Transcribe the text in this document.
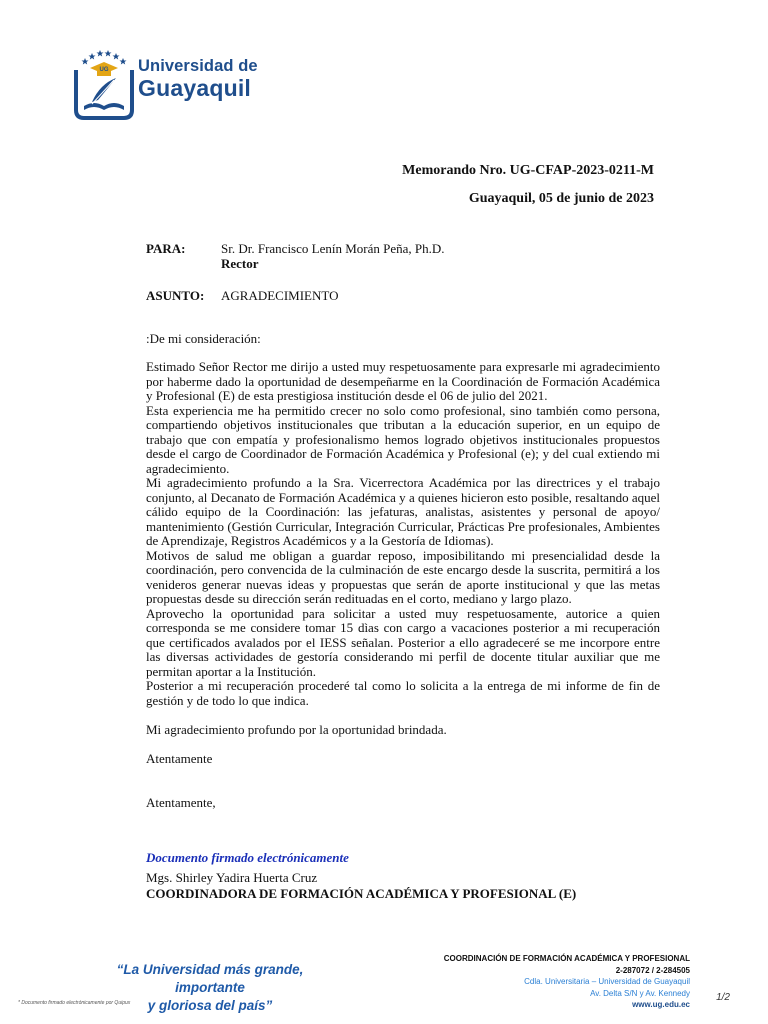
UG Universidad de
Guayaquil
Memorando Nro. UG-CFAP-2023-0211-M
Guayaquil, 05 de junio de 2023
PARA:	Sr. Dr. Francisco Lenín Morán Peña, Ph.D.
Rector
ASUNTO: AGRADECIMIENTO
:De mi consideración:

Estimado Señor Rector me dirijo a usted muy respetuosamente para expresarle mi agradecimiento por haberme dado la oportunidad de desempeñarme en la Coordinación de Formación Académica y Profesional (E) de esta prestigiosa institución desde el 06 de julio del 2021.

Esta experiencia me ha permitido crecer no solo como profesional, sino también como persona, compartiendo objetivos institucionales que tributan a la educación superior, en un equipo de trabajo que con empatía y profesionalismo hemos logrado objetivos institucionales propuestos desde el cargo de Coordinador de Formación Académica y Profesional (e); y del cual extiendo mi agradecimiento.

Mi agradecimiento profundo a la Sra. Vicerrectora Académica por las directrices y el trabajo conjunto, al Decanato de Formación Académica y a quienes hicieron esto posible, resaltando aquel cálido equipo de la Coordinación: las jefaturas, analistas, asistentes y personal de apoyo/ mantenimiento (Gestión Curricular, Integración Curricular, Prácticas Pre profesionales, Ambientes de Aprendizaje, Registros Académicos y a la Gestoría de Idiomas).

Motivos de salud me obligan a guardar reposo, imposibilitando mi presencialidad desde la coordinación, pero convencida de la culminación de este encargo desde la suscrita, permitirá a los venideros generar nuevas ideas y propuestas que serán de aporte institucional y que las metas propuestas desde su dirección serán redituadas en el corto, mediano y largo plazo.

Aprovecho la oportunidad para solicitar a usted muy respetuosamente, autorice a quien corresponda se me considere tomar 15 dìas con cargo a vacaciones posterior a mi recuperación que certificados avalados por el IESS señalan. Posterior a ello agradeceré se me incorpore entre las diversas actividades de gestoría considerando mi perfil de docente titular auxiliar que me permitan aportar a la Institución.

Posterior a mi recuperación procederé tal como lo solicita a la entrega de mi informe de fin de gestión y de todo lo que indica.

Mi agradecimiento profundo por la oportunidad brindada.
Atentamente
Atentamente,
Documento firmado electrónicamente
Mgs. Shirley Yadira Huerta Cruz
COORDINADORA DE FORMACIÓN ACADÉMICA Y PROFESIONAL (E)
“La Universidad más grande, importante
y gloriosa del país”
COORDINACIÓN DE FORMACIÓN ACADÉMICA Y PROFESIONAL
2-287072 / 2-284505
Cdla. Universitaria – Universidad de Guayaquil
Av. Delta S/N y Av. Kennedy
www.ug.edu.ec
* Documento firmado electrónicamente por Quipux	1/2
